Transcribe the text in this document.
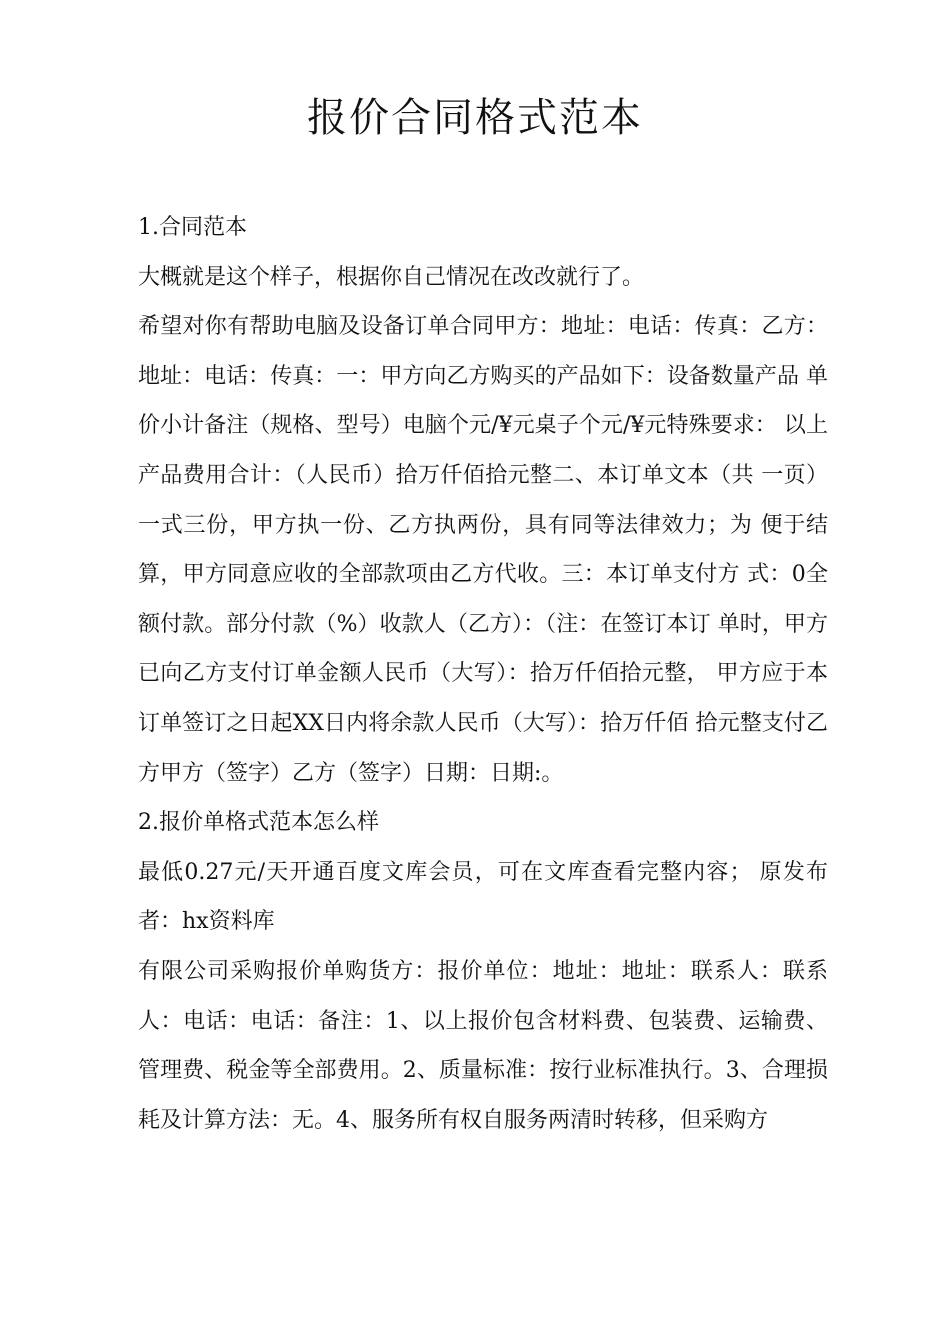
报价合同格式范本

1.合同范本

大概就是这个样子，根据你自己情况在改改就行了。

希望对你有帮助电脑及设备订单合同甲方：地址：电话：传真：乙方： 地址：电话：传真：一：甲方向乙方购买的产品如下：设备数量产品 单价小计备注（规格、型号）电脑个元/¥元桌子个元/¥元特殊要求： 以上产品费用合计：（人民币）拾万仟佰拾元整二、本订单文本（共 一页）一式三份，甲方执一份、乙方执两份，具有同等法律效力；为 便于结算，甲方同意应收的全部款项由乙方代收。三：本订单支付方 式：0全额付款。部分付款（%）收款人（乙方）：（注：在签订本订 单时，甲方已向乙方支付订单金额人民币（大写）：拾万仟佰拾元整， 甲方应于本订单签订之日起XX日内将余款人民币（大写）：拾万仟佰 拾元整支付乙方甲方（签字）乙方（签字）日期：日期:。

2.报价单格式范本怎么样

最低0.27元/天开通百度文库会员，可在文库查看完整内容； 原发布者：hx资料库

有限公司采购报价单购货方：报价单位：地址：地址：联系人：联系人：电话：电话：备注：1、以上报价包含材料费、包装费、运输费、管理费、税金等全部费用。2、质量标准：按行业标准执行。3、合理损耗及计算方法：无。4、服务所有权自服务两清时转移，但采购方
